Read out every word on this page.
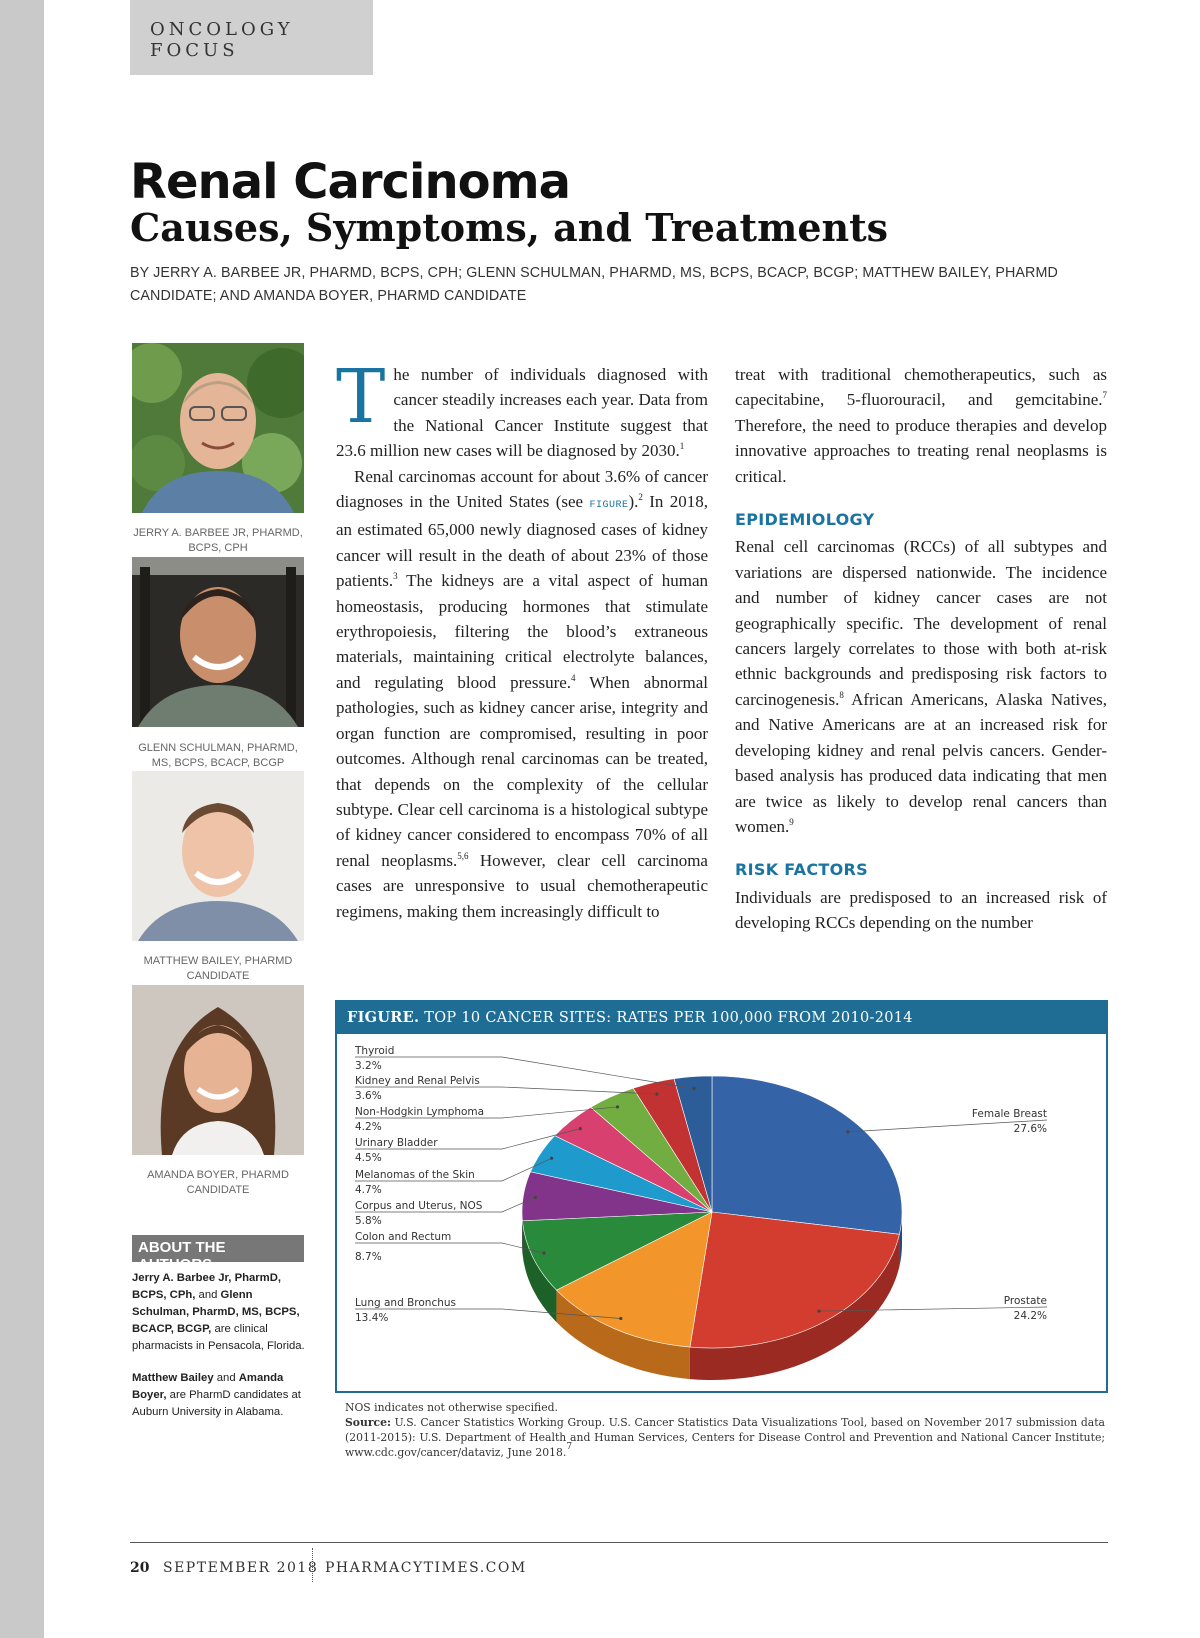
ONCOLOGY FOCUS
Renal Carcinoma
Causes, Symptoms, and Treatments
BY JERRY A. BARBEE JR, PHARMD, BCPS, CPH; GLENN SCHULMAN, PHARMD, MS, BCPS, BCACP, BCGP; MATTHEW BAILEY, PHARMD CANDIDATE; AND AMANDA BOYER, PHARMD CANDIDATE
JERRY A. BARBEE JR, PHARMD, BCPS, CPH
GLENN SCHULMAN, PHARMD, MS, BCPS, BCACP, BCGP
MATTHEW BAILEY, PHARMD CANDIDATE
AMANDA BOYER, PHARMD CANDIDATE
ABOUT THE AUTHORS
Jerry A. Barbee Jr, PharmD, BCPS, CPh, and Glenn Schulman, PharmD, MS, BCPS, BCACP, BCGP, are clinical pharmacists in Pensacola, Florida.
Matthew Bailey and Amanda Boyer, are PharmD candidates at Auburn University in Alabama.

The number of individuals diagnosed with cancer steadily increases each year. Data from the National Cancer Institute suggest that 23.6 million new cases will be diagnosed by 2030.$^1$

Renal carcinomas account for about 3.6% of cancer diagnoses in the United States (see figure).$^2$ In 2018, an estimated 65,000 newly diagnosed cases of kidney cancer will result in the death of about 23% of those patients.$^3$ The kidneys are a vital aspect of human homeostasis, producing hormones that stimulate erythropoiesis, filtering the blood’s extraneous materials, maintaining critical electrolyte balances, and regulating blood pressure.$^4$ When abnormal pathologies, such as kidney cancer arise, integrity and organ function are compromised, resulting in poor outcomes. Although renal carcinomas can be treated, that depends on the complexity of the cellular subtype. Clear cell carcinoma is a histological subtype of kidney cancer considered to encompass 70% of all renal neoplasms.$^{5,6}$ However, clear cell carcinoma cases are unresponsive to usual chemotherapeutic regimens, making them increasingly difficult to

treat with traditional chemotherapeutics, such as capecitabine, 5-fluorouracil, and gemcitabine.$^7$ Therefore, the need to produce therapies and develop innovative approaches to treating renal neoplasms is critical.

EPIDEMIOLOGY

Renal cell carcinomas (RCCs) of all subtypes and variations are dispersed nationwide. The incidence and number of kidney cancer cases are not geographically specific. The development of renal cancers largely correlates to those with both at-risk ethnic backgrounds and predisposing risk factors to carcinogenesis.$^8$ African Americans, Alaska Natives, and Native Americans are at an increased risk for developing kidney and renal pelvis cancers. Gender-based analysis has produced data indicating that men are twice as likely to develop renal cancers than women.$^9$

RISK FACTORS

Individuals are predisposed to an increased risk of developing RCCs depending on the number

FIGURE. TOP 10 CANCER SITES: RATES PER 100,000 FROM 2010-2014
Female Breast
27.6%
Prostate
24.2%
Lung and Bronchus
13.4%
Colon and Rectum
8.7%
Corpus and Uterus, NOS
5.8%
Melanomas of the Skin
4.7%
Urinary Bladder
4.5%
Non-Hodgkin Lymphoma
4.2%
Kidney and Renal Pelvis
3.6%
Thyroid
3.2%
NOS indicates not otherwise specified.
Source: U.S. Cancer Statistics Working Group. U.S. Cancer Statistics Data Visualizations Tool, based on November 2017 submission data (2011-2015): U.S. Department of Health and Human Services, Centers for Disease Control and Prevention and National Cancer Institute; www.cdc.gov/cancer/dataviz, June 2018.$^7$
20 SEPTEMBER 2018 PHARMACYTIMES.COM
